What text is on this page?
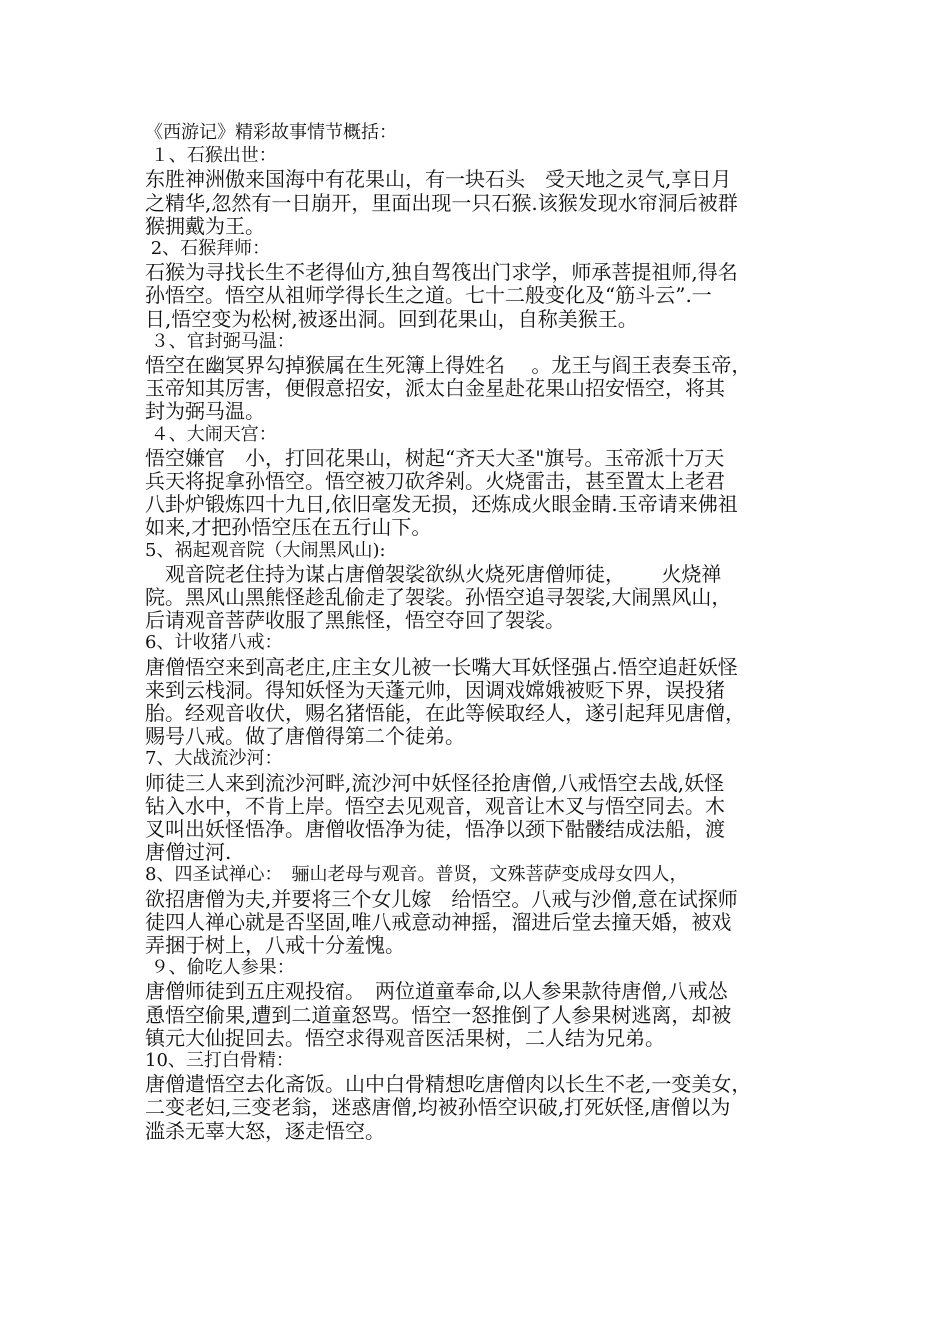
《西游记》精彩故事情节概括：
１、石猴出世：
东胜神洲傲来国海中有花果山，有一块石头　受天地之灵气,享日月
之精华,忽然有一日崩开，里面出现一只石猴.该猴发现水帘洞后被群
猴拥戴为王。
2、石猴拜师：
石猴为寻找长生不老得仙方,独自驾筏出门求学，师承菩提祖师,得名
孙悟空。悟空从祖师学得长生之道。七十二般变化及“筋斗云”.一
日,悟空变为松树,被逐出洞。回到花果山，自称美猴王。
３、官封弼马温：
悟空在幽冥界勾掉猴属在生死簿上得姓名　 。龙王与阎王表奏玉帝，
玉帝知其厉害，便假意招安，派太白金星赴花果山招安悟空，将其
封为弼马温。
４、大闹天宫：
悟空嫌官　小，打回花果山，树起“齐天大圣"旗号。玉帝派十万天
兵天将捉拿孙悟空。悟空被刀砍斧剁。火烧雷击，甚至置太上老君
八卦炉锻炼四十九日,依旧毫发无损，还炼成火眼金睛.玉帝请来佛祖
如来,才把孙悟空压在五行山下。
5、祸起观音院（大闹黑风山):
　观音院老住持为谋占唐僧袈裟欲纵火烧死唐僧师徒，　　 火烧禅
院。黑风山黑熊怪趁乱偷走了袈裟。孙悟空追寻袈裟,大闹黑风山，
后请观音菩萨收服了黑熊怪，悟空夺回了袈裟。
6、计收猪八戒：
唐僧悟空来到高老庄,庄主女儿被一长嘴大耳妖怪强占.悟空追赶妖怪
来到云栈洞。得知妖怪为天蓬元帅，因调戏嫦娥被贬下界，误投猪
胎。经观音收伏，赐名猪悟能，在此等候取经人，遂引起拜见唐僧，
赐号八戒。做了唐僧得第二个徒弟。
7、大战流沙河：
师徒三人来到流沙河畔,流沙河中妖怪径抢唐僧,八戒悟空去战,妖怪
钻入水中，不肯上岸。悟空去见观音，观音让木叉与悟空同去。木
叉叫出妖怪悟净。唐僧收悟净为徒，悟净以颈下骷髅结成法船，渡
唐僧过河.
8、四圣试禅心：　骊山老母与观音。普贤，文殊菩萨变成母女四人，
欲招唐僧为夫,并要将三个女儿嫁　给悟空。八戒与沙僧,意在试探师
徒四人禅心就是否坚固,唯八戒意动神摇，溜进后堂去撞天婚，被戏
弄捆于树上，八戒十分羞愧。
９、偷吃人参果：
唐僧师徒到五庄观投宿。　两位道童奉命,以人参果款待唐僧,八戒怂
恿悟空偷果,遭到二道童怒骂。悟空一怒推倒了人参果树逃离，却被
镇元大仙捉回去。悟空求得观音医活果树，二人结为兄弟。
10、三打白骨精：
唐僧遣悟空去化斋饭。山中白骨精想吃唐僧肉以长生不老,一变美女，
二变老妇,三变老翁，迷惑唐僧,均被孙悟空识破,打死妖怪,唐僧以为
滥杀无辜大怒，逐走悟空。
